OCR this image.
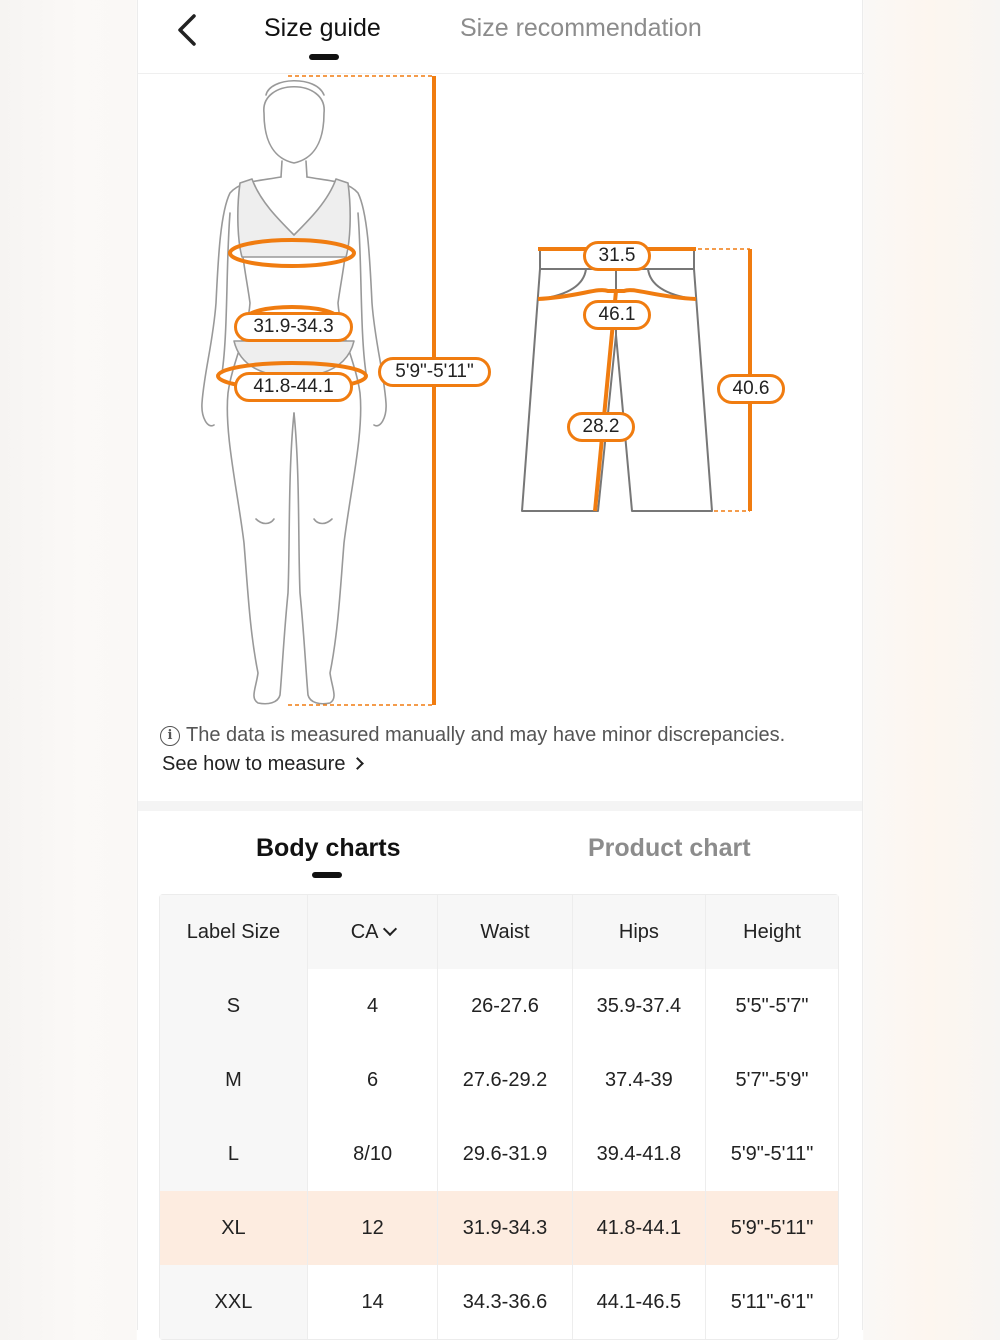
Size guide	Size recommendation
31.9-34.3
41.8-44.1
5'9"-5'11"
31.5
46.1
28.2
40.6
i The data is measured manually and may have minor discrepancies.
See how to measure
Body charts	Product chart
Label Size	CA	Waist	Hips	Height
S	4	26-27.6	35.9-37.4	5'5"-5'7"
M	6	27.6-29.2	37.4-39	5'7"-5'9"
L	8/10	29.6-31.9	39.4-41.8	5'9"-5'11"
XL	12	31.9-34.3	41.8-44.1	5'9"-5'11"
XXL	14	34.3-36.6	44.1-46.5	5'11"-6'1"
